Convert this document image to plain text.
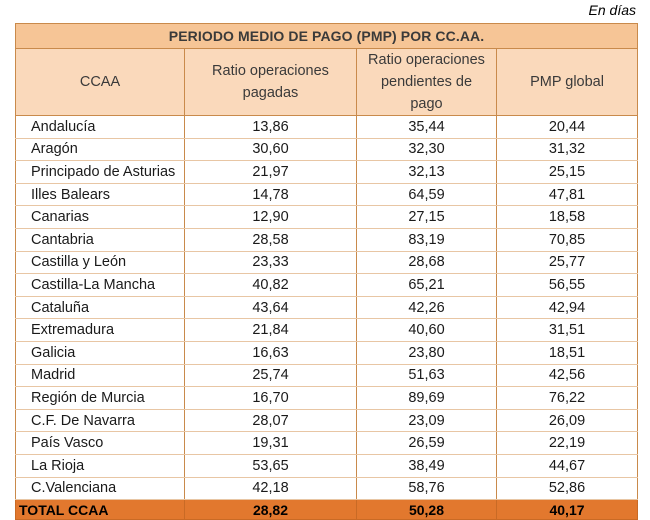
En días
PERIODO MEDIO DE PAGO (PMP) POR CC.AA.			
CCAA	Ratio operaciones pagadas	Ratio operaciones pendientes de pago	PMP global
Andalucía	13,86	35,44	20,44
Aragón	30,60	32,30	31,32
Principado de Asturias	21,97	32,13	25,15
Illes Balears	14,78	64,59	47,81
Canarias	12,90	27,15	18,58
Cantabria	28,58	83,19	70,85
Castilla y León	23,33	28,68	25,77
Castilla-La Mancha	40,82	65,21	56,55
Cataluña	43,64	42,26	42,94
Extremadura	21,84	40,60	31,51
Galicia	16,63	23,80	18,51
Madrid	25,74	51,63	42,56
Región de Murcia	16,70	89,69	76,22
C.F. De Navarra	28,07	23,09	26,09
País Vasco	19,31	26,59	22,19
La Rioja	53,65	38,49	44,67
C.Valenciana	42,18	58,76	52,86
TOTAL CCAA	28,82	50,28	40,17
